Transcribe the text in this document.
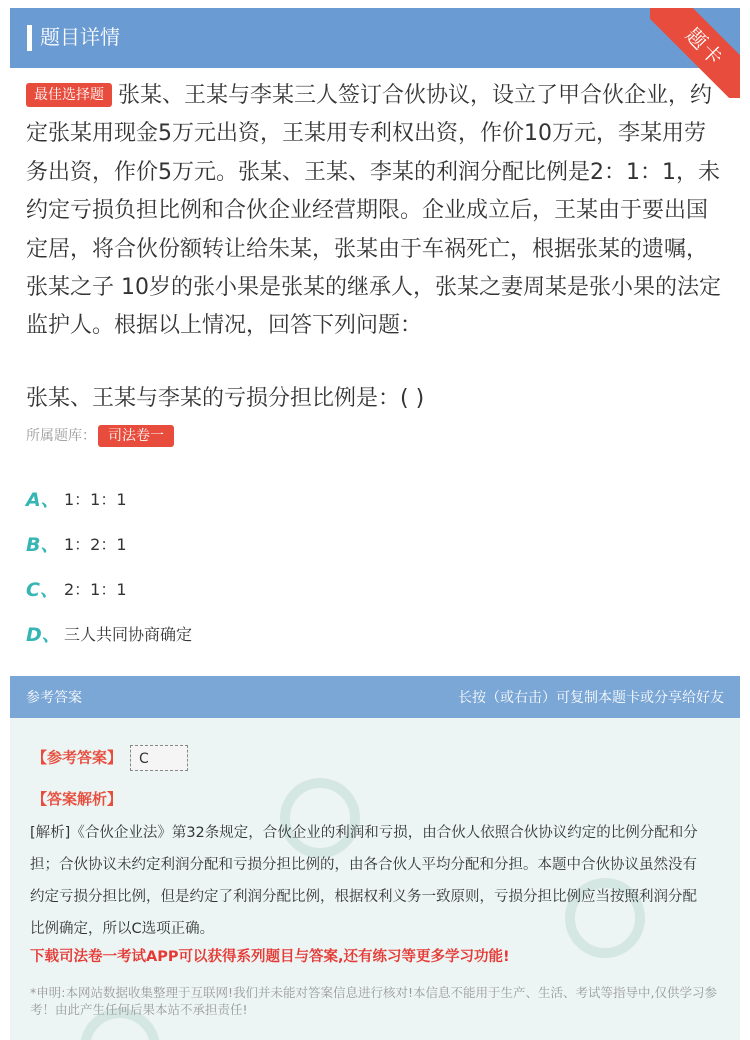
题目详情	题卡
最佳选择题 张某、王某与李某三人签订合伙协议，设立了甲合伙企业，约定张某用现金5万元出资，王某用专利权出资，作价10万元，李某用劳务出资，作价5万元。张某、王某、李某的利润分配比例是2：1：1，未约定亏损负担比例和合伙企业经营期限。企业成立后，王某由于要出国定居，将合伙份额转让给朱某，张某由于车祸死亡，根据张某的遗嘱，张某之子 10岁的张小果是张某的继承人，张某之妻周某是张小果的法定监护人。根据以上情况，回答下列问题：
张某、王某与李某的亏损分担比例是：( )
所属题库： 司法卷一
A、 1：1：1
B、 1：2：1
C、 2：1：1
D、 三人共同协商确定
参考答案	长按（或右击）可复制本题卡或分享给好友
【参考答案】 C
【答案解析】
[解析]《合伙企业法》第32条规定，合伙企业的利润和亏损，由合伙人依照合伙协议约定的比例分配和分担；合伙协议未约定利润分配和亏损分担比例的，由各合伙人平均分配和分担。本题中合伙协议虽然没有约定亏损分担比例，但是约定了利润分配比例，根据权利义务一致原则，亏损分担比例应当按照利润分配比例确定，所以C选项正确。
下载司法卷一考试APP可以获得系列题目与答案,还有练习等更多学习功能!
*申明:本网站数据收集整理于互联网!我们并未能对答案信息进行核对!本信息不能用于生产、生活、考试等指导中,仅供学习参考！由此产生任何后果本站不承担责任!
